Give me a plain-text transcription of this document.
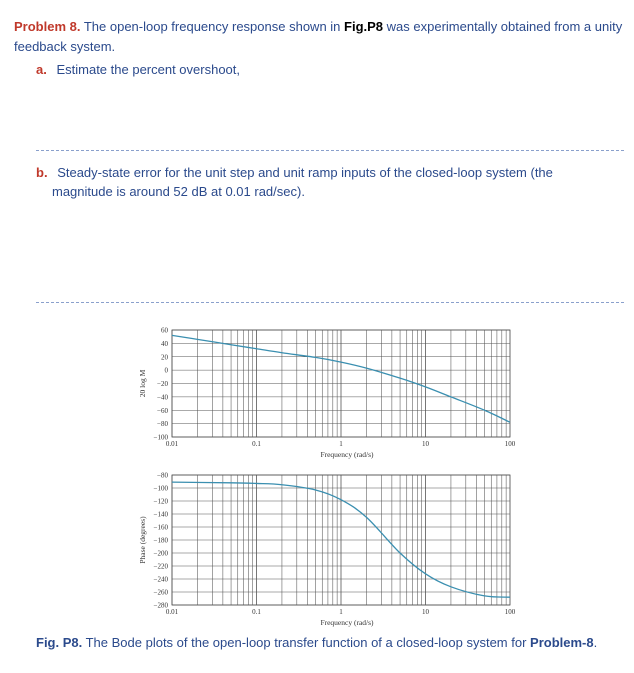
Problem 8. The open-loop frequency response shown in Fig.P8 was experimentally obtained from a unity
feedback system.
a. Estimate the percent overshoot,
b. Steady-state error for the unit step and unit ramp inputs of the closed-loop system (the
magnitude is around 52 dB at 0.01 rad/sec).
60
40
20
0
−20
−40
−60
−80
−100
0.01	0.1	1	10	100
Frequency (rad/s)
20 log M
−80
−100
−120
−140
−160
−180
−200
−220
−240
−260
−280
0.01	0.1	1	10	100
Frequency (rad/s)
Phase (degrees)
Fig. P8. The Bode plots of the open-loop transfer function of a closed-loop system for Problem-8.
